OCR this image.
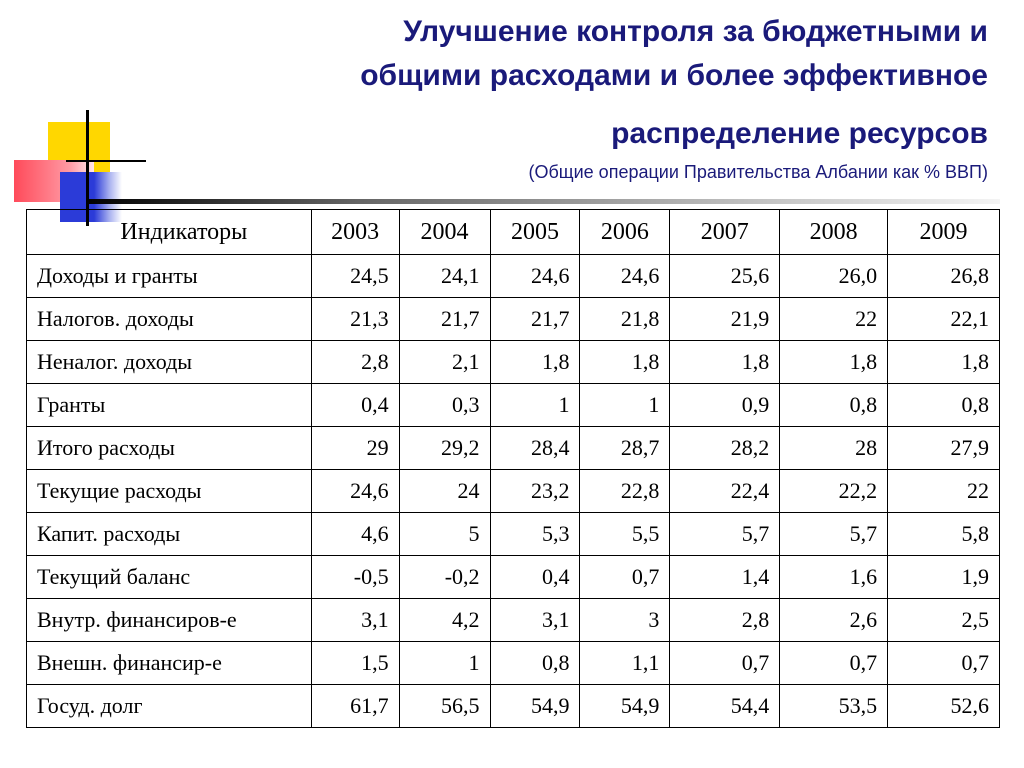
Улучшение контроля за бюджетными и
общими расходами и более эффективное
распределение ресурсов
(Общие операции Правительства Албании как % ВВП)
Индикаторы	2003	2004	2005	2006	2007	2008	2009
Доходы и гранты	24,5	24,1	24,6	24,6	25,6	26,0	26,8
Налогов. доходы	21,3	21,7	21,7	21,8	21,9	22	22,1
Неналог. доходы	2,8	2,1	1,8	1,8	1,8	1,8	1,8
Гранты	0,4	0,3	1	1	0,9	0,8	0,8
Итого расходы	29	29,2	28,4	28,7	28,2	28	27,9
Текущие расходы	24,6	24	23,2	22,8	22,4	22,2	22
Капит. расходы	4,6	5	5,3	5,5	5,7	5,7	5,8
Текущий баланс	-0,5	-0,2	0,4	0,7	1,4	1,6	1,9
Внутр. финансиров-е	3,1	4,2	3,1	3	2,8	2,6	2,5
Внешн. финансир-е	1,5	1	0,8	1,1	0,7	0,7	0,7
Госуд. долг	61,7	56,5	54,9	54,9	54,4	53,5	52,6
